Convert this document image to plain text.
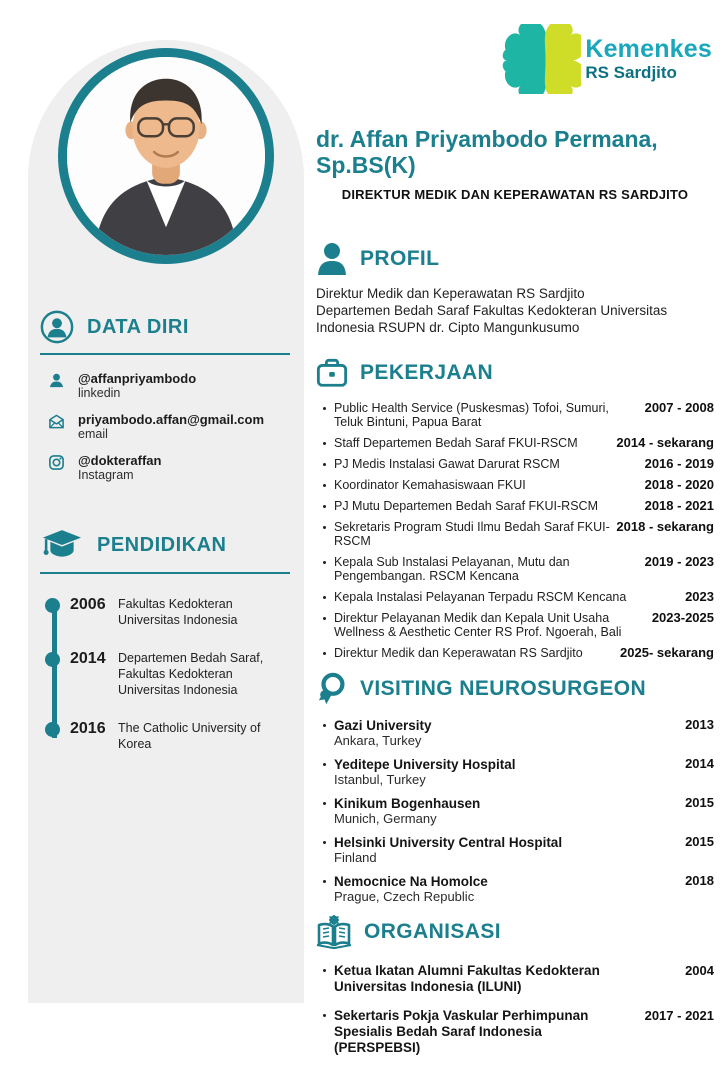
DATA DIRI
@affanpriyambodo
linkedin
priyambodo.affan@gmail.com
email
@dokteraffan
Instagram
PENDIDIKAN
2006 Fakultas Kedokteran Universitas Indonesia
2014 Departemen Bedah Saraf, Fakultas Kedokteran Universitas Indonesia
2016 The Catholic University of Korea
Kemenkes
RS Sardjito
dr. Affan Priyambodo Permana, Sp.BS(K)
DIREKTUR MEDIK DAN KEPERAWATAN RS SARDJITO
PROFIL
Direktur Medik dan Keperawatan RS Sardjito
Departemen Bedah Saraf Fakultas Kedokteran Universitas Indonesia RSUPN dr. Cipto Mangunkusumo
PEKERJAAN
Public Health Service (Puskesmas) Tofoi, Sumuri, Teluk Bintuni, Papua Barat
2007 - 2008
Staff Departemen Bedah Saraf FKUI-RSCM	2014 - sekarang
PJ Medis Instalasi Gawat Darurat RSCM	2016 - 2019
Koordinator Kemahasiswaan FKUI	2018 - 2020
PJ Mutu Departemen Bedah Saraf FKUI-RSCM	2018 - 2021
Sekretaris Program Studi Ilmu Bedah Saraf FKUI-RSCM
2018 - sekarang
Kepala Sub Instalasi Pelayanan, Mutu dan Pengembangan. RSCM Kencana
2019 - 2023
Kepala Instalasi Pelayanan Terpadu RSCM Kencana	2023
Direktur Pelayanan Medik dan Kepala Unit Usaha Wellness & Aesthetic Center RS Prof. Ngoerah, Bali
2023-2025
Direktur Medik dan Keperawatan RS Sardjito	2025- sekarang
VISITING NEUROSURGEON
Gazi University
Ankara, Turkey
2013
Yeditepe University Hospital
Istanbul, Turkey
2014
Kinikum Bogenhausen
Munich, Germany
2015
Helsinki University Central Hospital
Finland
2015
Nemocnice Na Homolce
Prague, Czech Republic
2018
ORGANISASI
Ketua Ikatan Alumni Fakultas Kedokteran Universitas Indonesia (ILUNI)
2004
Sekertaris Pokja Vaskular Perhimpunan Spesialis Bedah Saraf Indonesia (PERSPEBSI)
2017 - 2021
